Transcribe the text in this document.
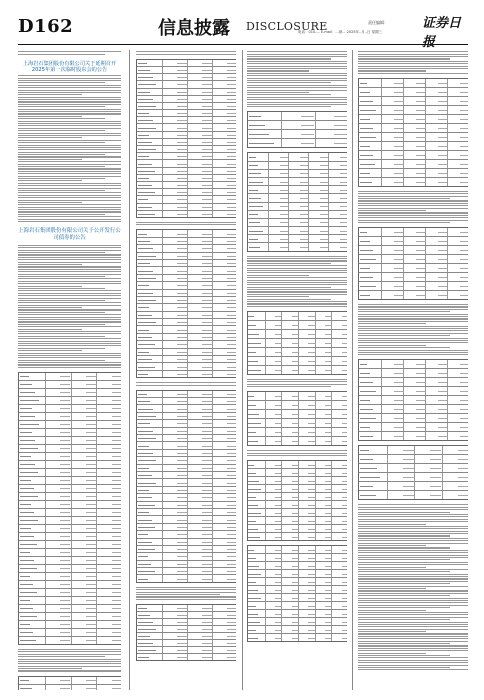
D162	信息披露 DISCLOSURE	责任编辑：
电话：010-... E-mail：...@... 2025年..月..日 星期三
证券日报
上海岩石集团股份有限公司关于延期召开2025年第一次临时股东会的公告
上海岩石集团股份有限公司关于公开发行公司债券的公告
